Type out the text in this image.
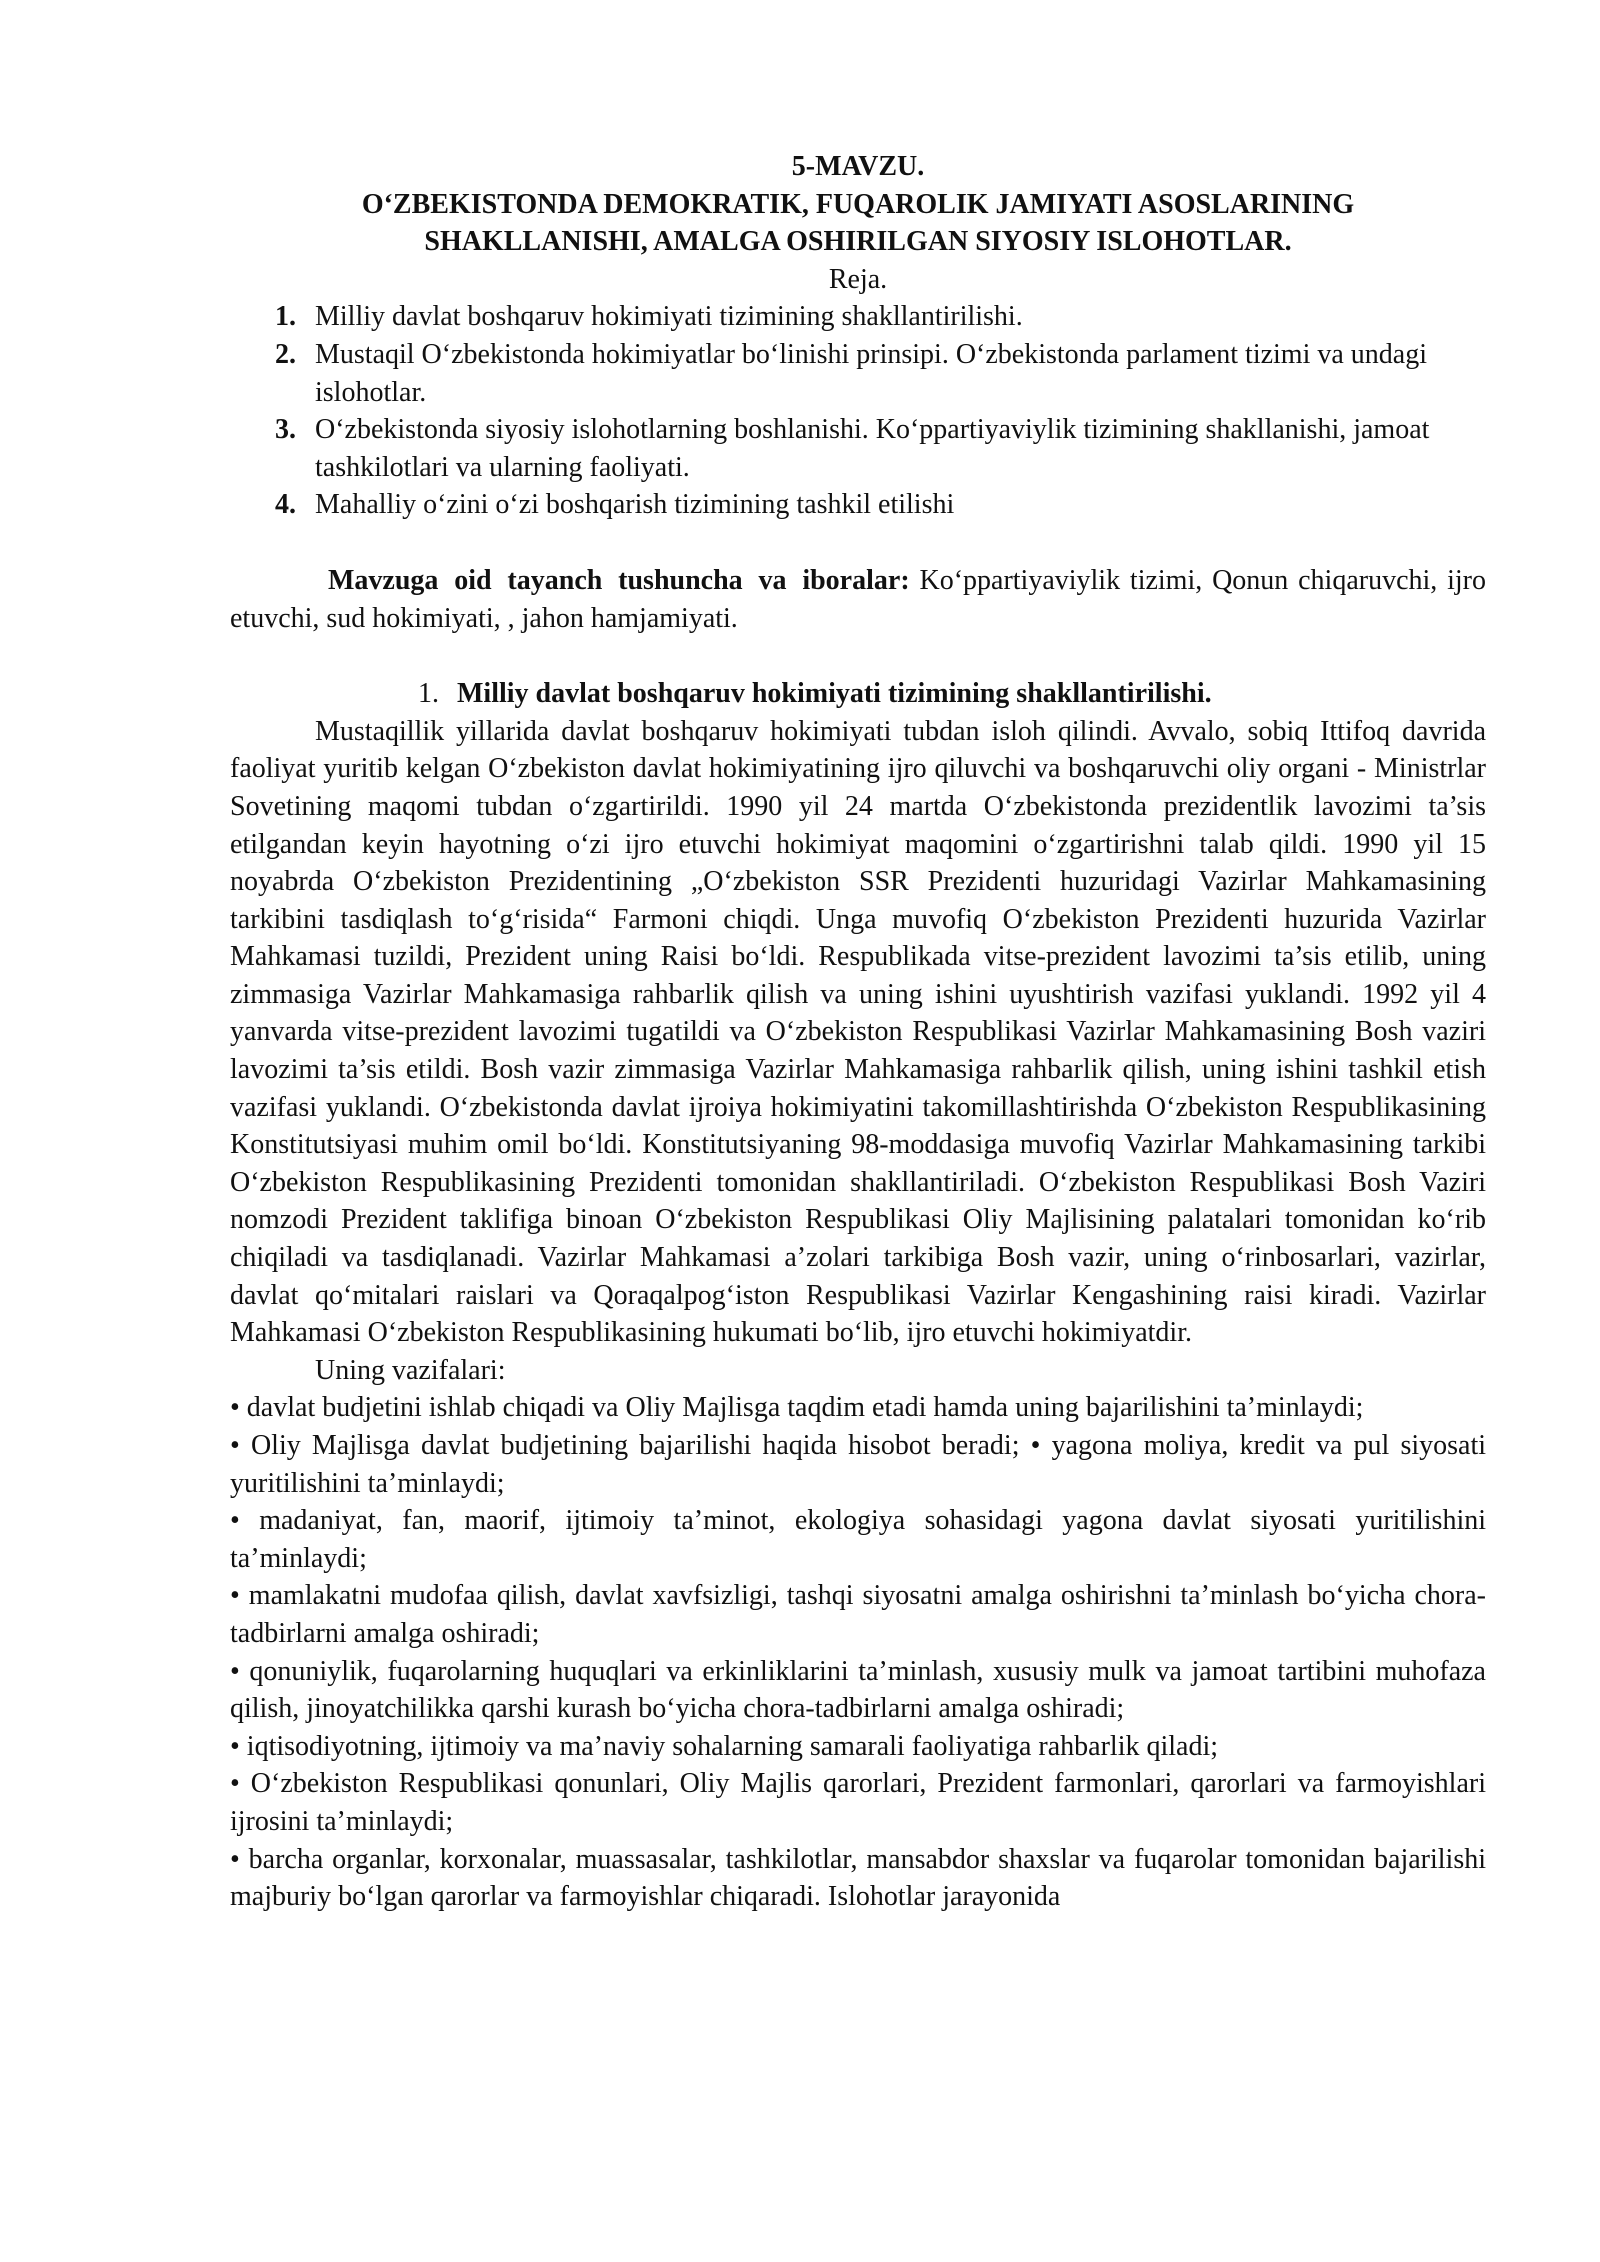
5-MAVZU.

O‘ZBEKISTONDA DEMOKRATIK, FUQAROLIK JAMIYATI ASOSLARINING
SHAKLLANISHI, AMALGA OSHIRILGAN SIYOSIY ISLOHOTLAR.

Reja.

1. Milliy davlat boshqaruv hokimiyati tizimining shakllantirilishi.
2. Mustaqil O‘zbekistonda hokimiyatlar bo‘linishi prinsipi. O‘zbekistonda parlament tizimi va undagi islohotlar.
3. O‘zbekistonda siyosiy islohotlarning boshlanishi. Ko‘ppartiyaviylik tizimining shakllanishi, jamoat tashkilotlari va ularning faoliyati.
4. Mahalliy o‘zini o‘zi boshqarish tizimining tashkil etilishi

Mavzuga oid tayanch tushuncha va iboralar: Ko‘ppartiyaviylik tizimi, Qonun chiqaruvchi, ijro etuvchi, sud hokimiyati, , jahon hamjamiyati.

1. Milliy davlat boshqaruv hokimiyati tizimining shakllantirilishi.

Mustaqillik yillarida davlat boshqaruv hokimiyati tubdan isloh qilindi. Avvalo, sobiq Ittifoq davrida faoliyat yuritib kelgan O‘zbekiston davlat hokimiyatining ijro qiluvchi va boshqaruvchi oliy organi - Ministrlar Sovetining maqomi tubdan o‘zgartirildi. 1990 yil 24 martda O‘zbekistonda prezidentlik lavozimi ta’sis etilgandan keyin hayotning o‘zi ijro etuvchi hokimiyat maqomini o‘zgartirishni talab qildi. 1990 yil 15 noyabrda O‘zbekiston Prezidentining „O‘zbekiston SSR Prezidenti huzuridagi Vazirlar Mahkamasining tarkibini tasdiqlash to‘g‘risida“ Farmoni chiqdi. Unga muvofiq O‘zbekiston Prezidenti huzurida Vazirlar Mahkamasi tuzildi, Prezident uning Raisi bo‘ldi. Respublikada vitse-prezident lavozimi ta’sis etilib, uning zimmasiga Vazirlar Mahkamasiga rahbarlik qilish va uning ishini uyushtirish vazifasi yuklandi. 1992 yil 4 yanvarda vitse-prezident lavozimi tugatildi va O‘zbekiston Respublikasi Vazirlar Mahkamasining Bosh vaziri lavozimi ta’sis etildi. Bosh vazir zimmasiga Vazirlar Mahkamasiga rahbarlik qilish, uning ishini tashkil etish vazifasi yuklandi. O‘zbekistonda davlat ijroiya hokimiyatini takomillashtirishda O‘zbekiston Respublikasining Konstitutsiyasi muhim omil bo‘ldi. Konstitutsiyaning 98-moddasiga muvofiq Vazirlar Mahkamasining tarkibi O‘zbekiston Respublikasining Prezidenti tomonidan shakllantiriladi. O‘zbekiston Respublikasi Bosh Vaziri nomzodi Prezident taklifiga binoan O‘zbekiston Respublikasi Oliy Majlisining palatalari tomonidan ko‘rib chiqiladi va tasdiqlanadi. Vazirlar Mahkamasi a’zolari tarkibiga Bosh vazir, uning o‘rinbosarlari, vazirlar, davlat qo‘mitalari raislari va Qoraqalpog‘iston Respublikasi Vazirlar Kengashining raisi kiradi. Vazirlar Mahkamasi O‘zbekiston Respublikasining hukumati bo‘lib, ijro etuvchi hokimiyatdir.

Uning vazifalari:

• davlat budjetini ishlab chiqadi va Oliy Majlisga taqdim etadi hamda uning bajarilishini ta’minlaydi;

• Oliy Majlisga davlat budjetining bajarilishi haqida hisobot beradi; • yagona moliya, kredit va pul siyosati yuritilishini ta’minlaydi;

• madaniyat, fan, maorif, ijtimoiy ta’minot, ekologiya sohasidagi yagona davlat siyosati yuritilishini ta’minlaydi;

• mamlakatni mudofaa qilish, davlat xavfsizligi, tashqi siyosatni amalga oshirishni ta’minlash bo‘yicha chora-tadbirlarni amalga oshiradi;

• qonuniylik, fuqarolarning huquqlari va erkinliklarini ta’minlash, xususiy mulk va jamoat tartibini muhofaza qilish, jinoyatchilikka qarshi kurash bo‘yicha chora-tadbirlarni amalga oshiradi;

• iqtisodiyotning, ijtimoiy va ma’naviy sohalarning samarali faoliyatiga rahbarlik qiladi;

• O‘zbekiston Respublikasi qonunlari, Oliy Majlis qarorlari, Prezident farmonlari, qarorlari va farmoyishlari ijrosini ta’minlaydi;

• barcha organlar, korxonalar, muassasalar, tashkilotlar, mansabdor shaxslar va fuqarolar tomonidan bajarilishi majburiy bo‘lgan qarorlar va farmoyishlar chiqaradi. Islohotlar jarayonida
